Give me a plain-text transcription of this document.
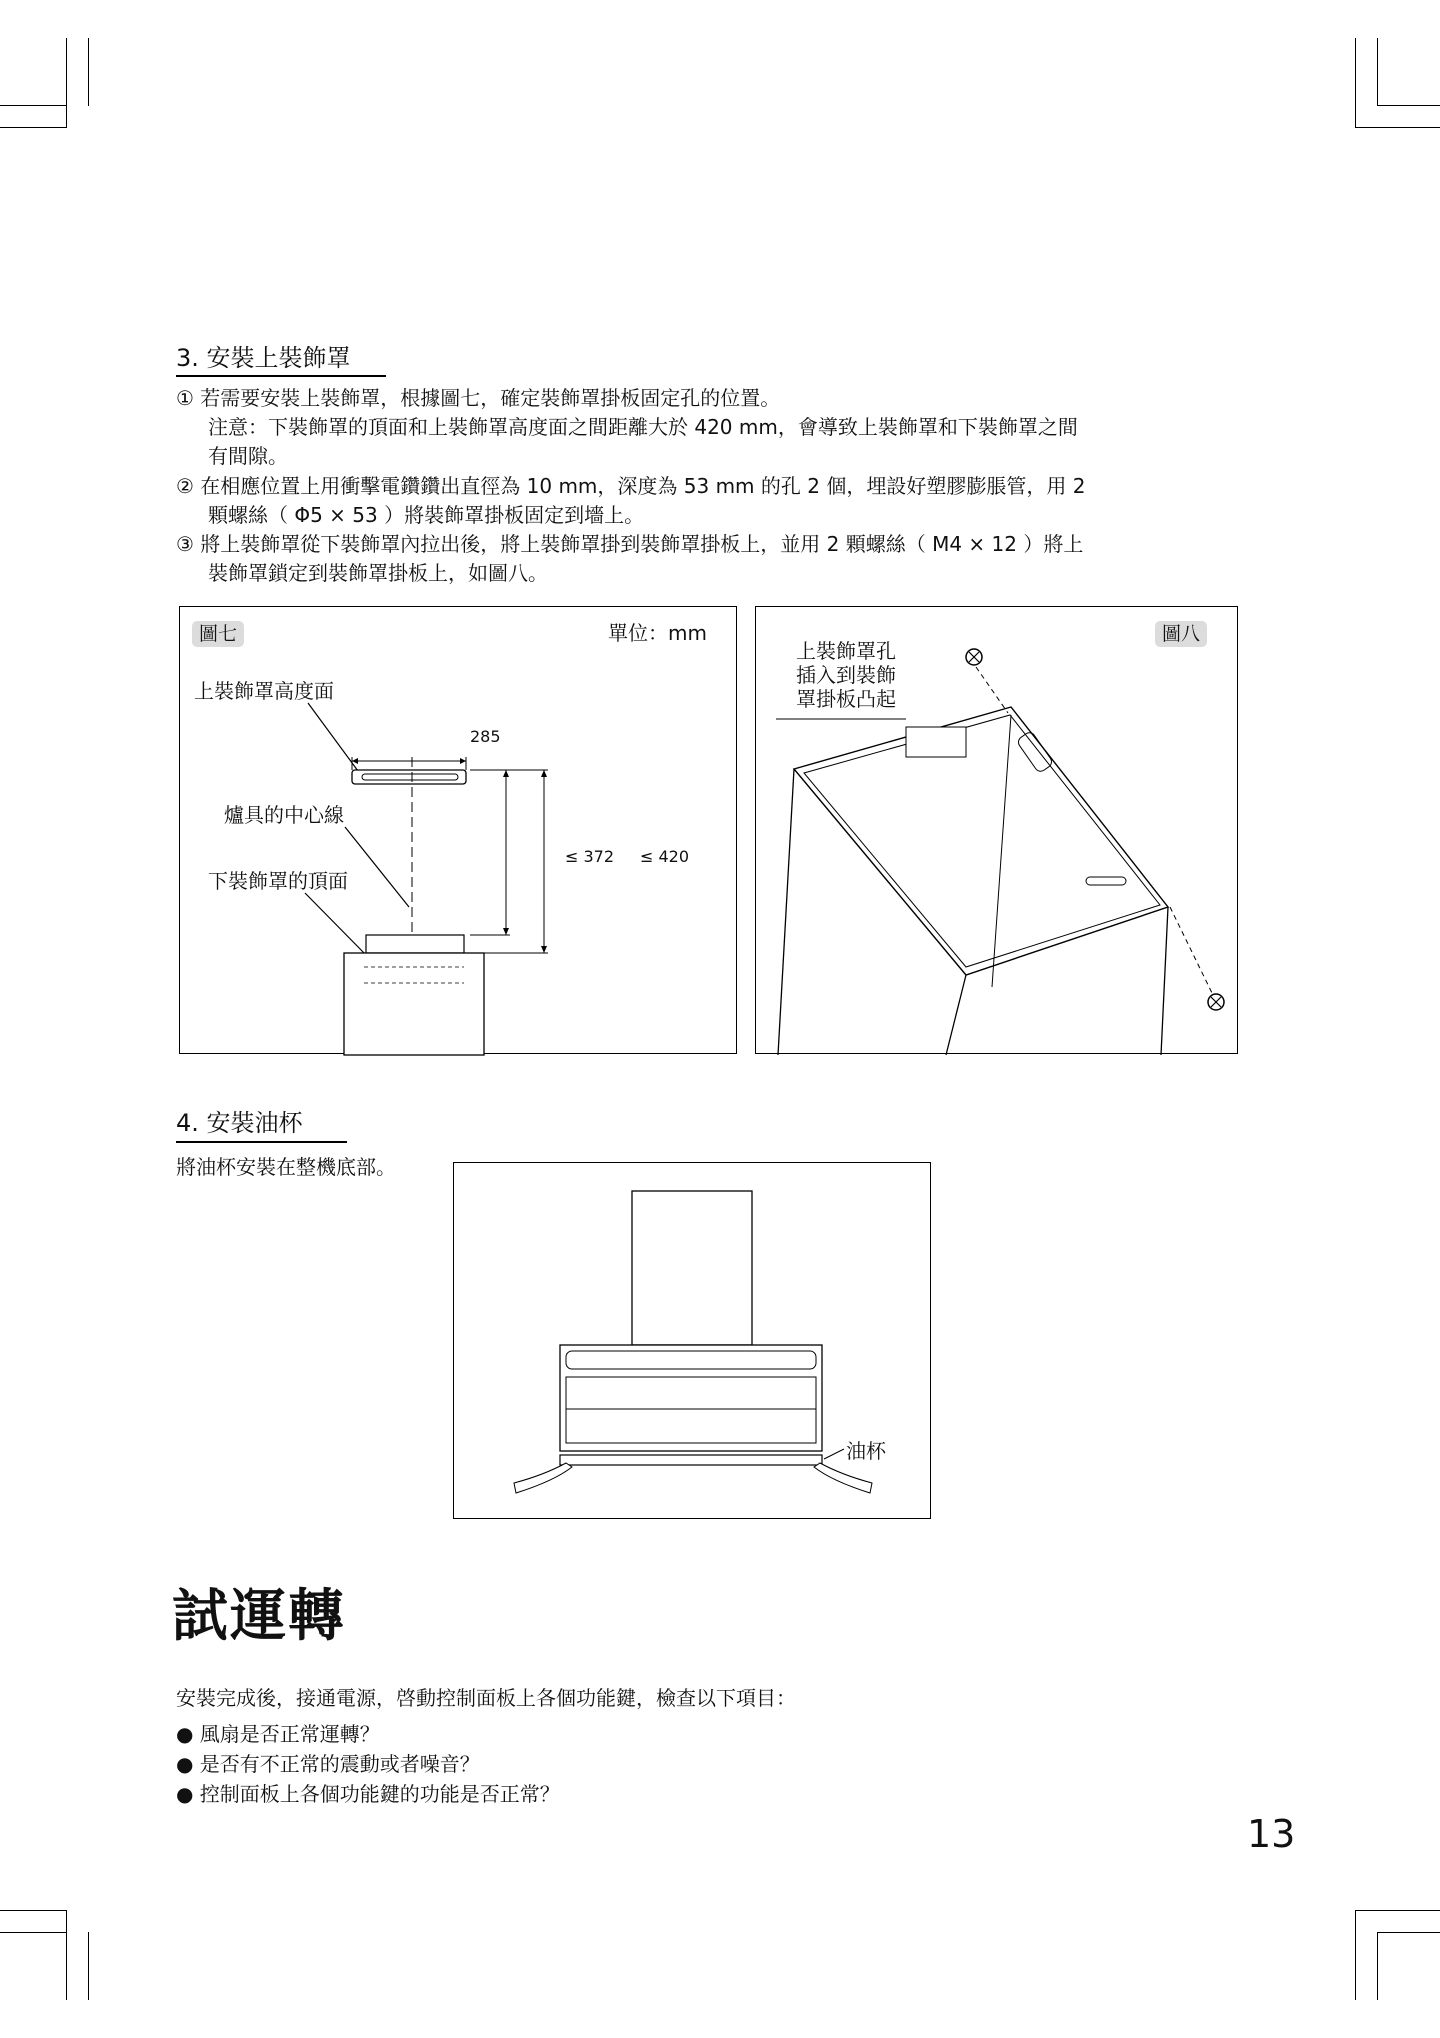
3. 安裝上裝飾罩
① 若需要安裝上裝飾罩，根據圖七，確定裝飾罩掛板固定孔的位置。
注意：下裝飾罩的頂面和上裝飾罩高度面之間距離大於 420 mm，會導致上裝飾罩和下裝飾罩之間
有間隙。
② 在相應位置上用衝擊電鑽鑽出直徑為 10 mm，深度為 53 mm 的孔 2 個，埋設好塑膠膨脹管，用 2
顆螺絲（ Φ5 × 53 ）將裝飾罩掛板固定到墻上。
③ 將上裝飾罩從下裝飾罩內拉出後，將上裝飾罩掛到裝飾罩掛板上，並用 2 顆螺絲（ M4 × 12 ）將上
裝飾罩鎖定到裝飾罩掛板上，如圖八。
圖七	單位：mm
上裝飾罩高度面
爐具的中心線
下裝飾罩的頂面
285
≤ 372 ≤ 420
圖八
上裝飾罩孔
插入到裝飾
罩掛板凸起
4. 安裝油杯
將油杯安裝在整機底部。
油杯
試運轉
安裝完成後，接通電源，啓動控制面板上各個功能鍵，檢查以下項目：
● 風扇是否正常運轉？
● 是否有不正常的震動或者噪音？
● 控制面板上各個功能鍵的功能是否正常？
13
